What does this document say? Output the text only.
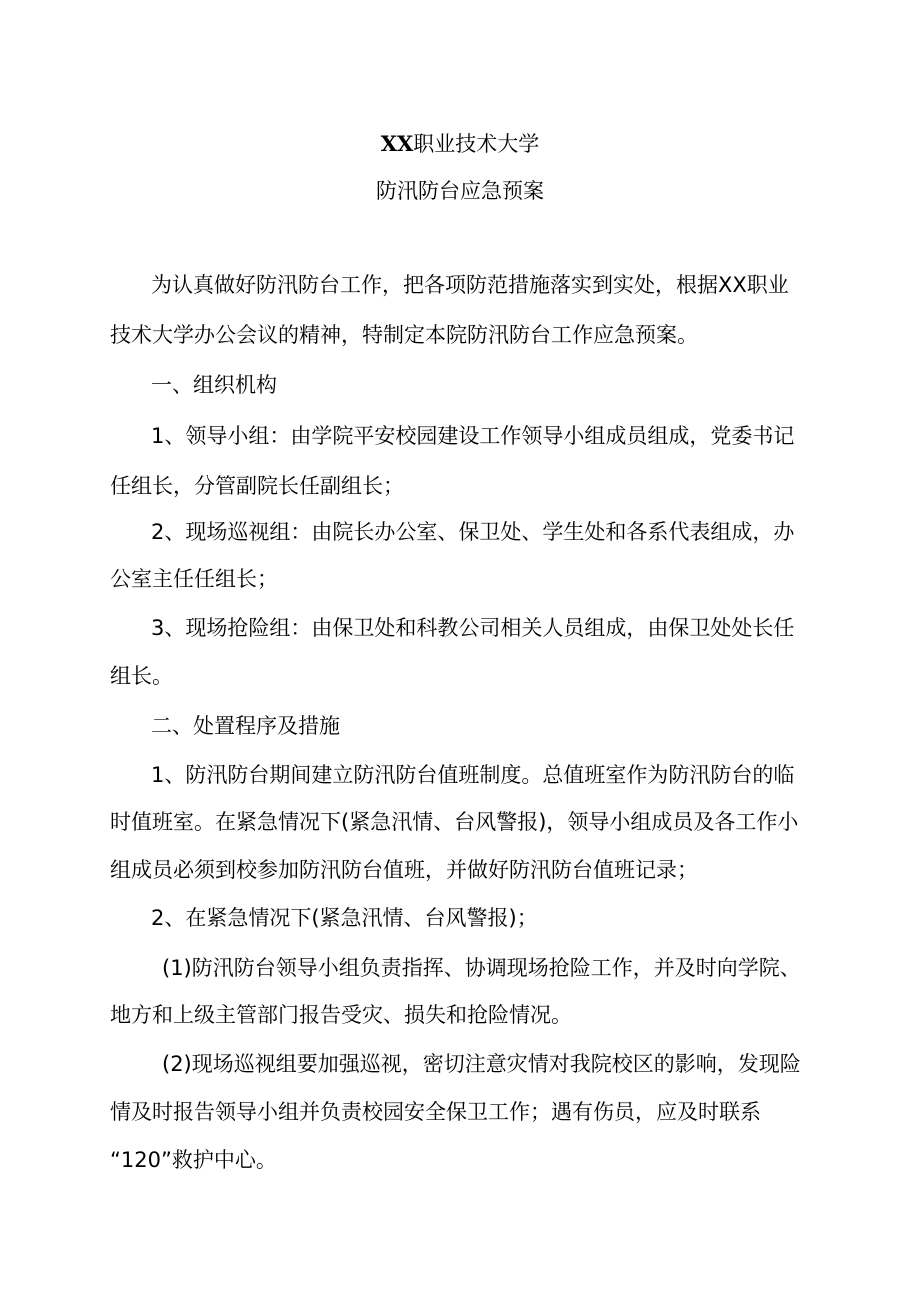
XX职业技术大学
防汛防台应急预案
为认真做好防汛防台工作，把各项防范措施落实到实处，根据XX职业
技术大学办公会议的精神，特制定本院防汛防台工作应急预案。
一、组织机构
1、领导小组：由学院平安校园建设工作领导小组成员组成，党委书记
任组长，分管副院长任副组长；
2、现场巡视组：由院长办公室、保卫处、学生处和各系代表组成，办
公室主任任组长；
3、现场抢险组：由保卫处和科教公司相关人员组成，由保卫处处长任
组长。
二、处置程序及措施
1、防汛防台期间建立防汛防台值班制度。总值班室作为防汛防台的临
时值班室。在紧急情况下(紧急汛情、台风警报)，领导小组成员及各工作小
组成员必须到校参加防汛防台值班，并做好防汛防台值班记录；
2、在紧急情况下(紧急汛情、台风警报)；
(1)防汛防台领导小组负责指挥、协调现场抢险工作，并及时向学院、
地方和上级主管部门报告受灾、损失和抢险情况。
(2)现场巡视组要加强巡视，密切注意灾情对我院校区的影响，发现险
情及时报告领导小组并负责校园安全保卫工作；遇有伤员，应及时联系
“120”救护中心。
